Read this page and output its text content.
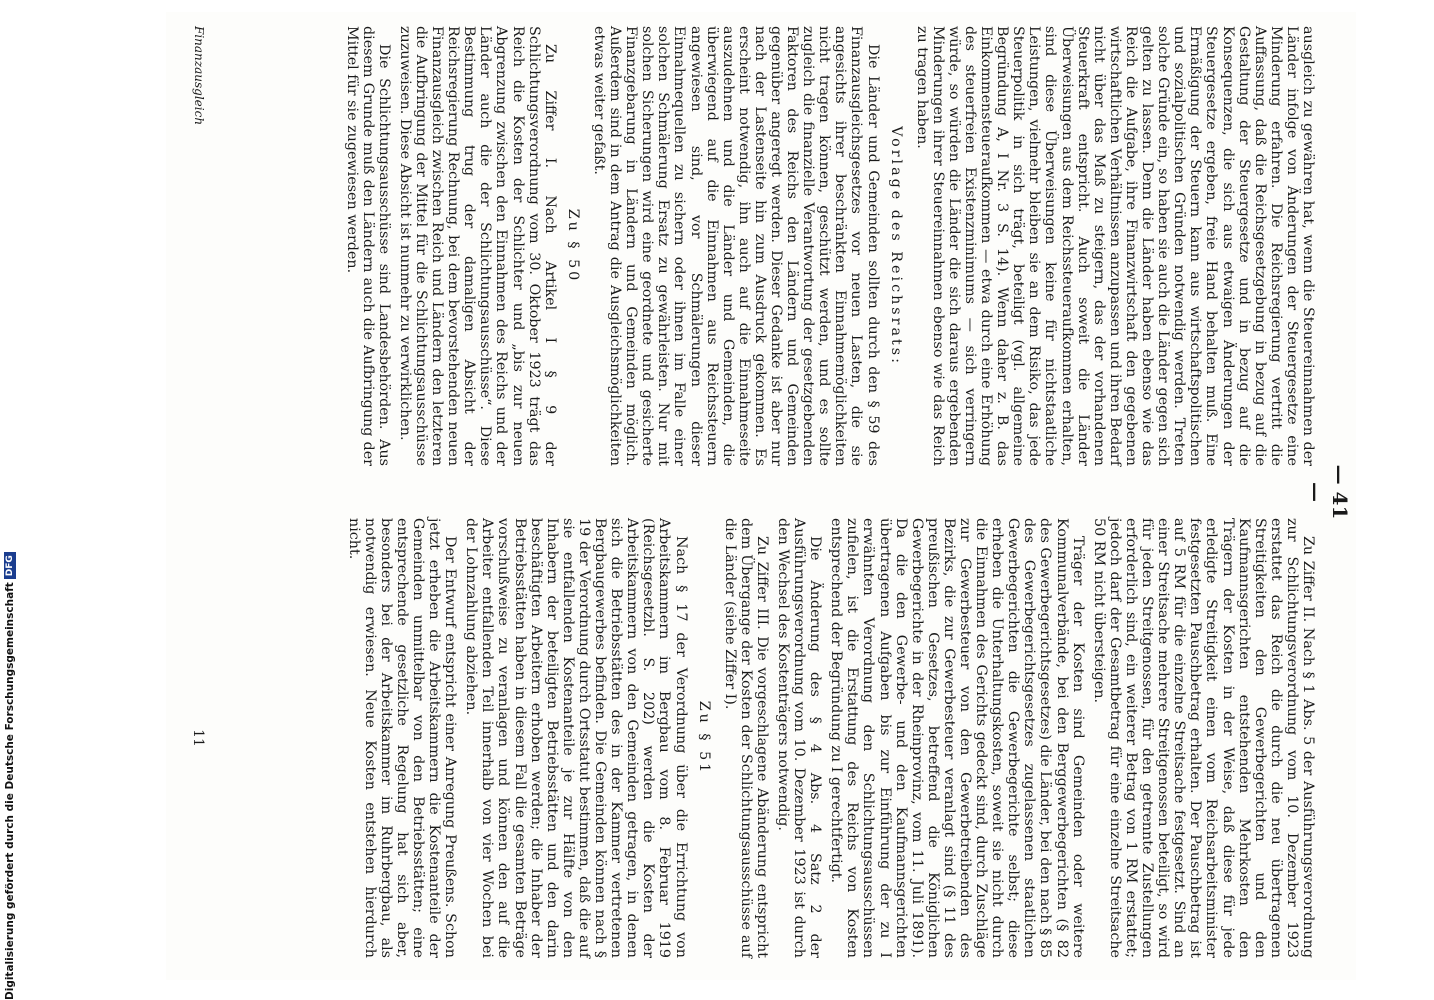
— 41 —

ausgleich zu gewähren hat, wenn die Steuereinnahmen der Länder infolge von Änderungen der Steuergesetze eine Minderung erfahren. Die Reichsregierung vertritt die Auffassung, daß die Reichsgesetzgebung in bezug auf die Gestaltung der Steuergesetze und in bezug auf die Konsequenzen, die sich aus etwaigen Änderungen der Steuergesetze ergeben, freie Hand behalten muß. Eine Ermäßigung der Steuern kann aus wirtschaftspolitischen und sozialpolitischen Gründen notwendig werden. Treten solche Gründe ein, so haben sie auch die Länder gegen sich gelten zu lassen. Denn die Länder haben ebenso wie das Reich die Aufgabe, ihre Finanzwirtschaft den gegebenen wirtschaftlichen Verhältnissen anzupassen und ihren Bedarf nicht über das Maß zu steigern, das der vorhandenen Steuerkraft entspricht. Auch soweit die Länder Überweisungen aus dem Reichssteueraufkommen erhalten, sind diese Überweisungen keine für nichtstaatliche Leistungen, vielmehr bleiben sie an dem Risiko, das jede Steuerpolitik in sich trägt, beteiligt (vgl. allgemeine Begründung A, I Nr. 3 S. 14). Wenn daher z. B. das Einkommensteueraufkommen — etwa durch eine Erhöhung des steuerfreien Existenzminimums — sich verringern würde, so würden die Länder die sich daraus ergebenden Minderungen ihrer Steuereinnahmen ebenso wie das Reich zu tragen haben.

Vorlage des Reichsrats:

Die Länder und Gemeinden sollten durch den § 59 des Finanzausgleichsgesetzes vor neuen Lasten, die sie angesichts ihrer beschränkten Einnahmemöglichkeiten nicht tragen können, geschützt werden, und es sollte zugleich die finanzielle Verantwortung der gesetzgebenden Faktoren des Reichs den Ländern und Gemeinden gegenüber angeregt werden. Dieser Gedanke ist aber nur nach der Lastenseite hin zum Ausdruck gekommen. Es erscheint notwendig, ihn auch auf die Einnahmeseite auszudehnen und die Länder und Gemeinden, die überwiegend auf die Einnahmen aus Reichssteuern angewiesen sind, vor Schmälerungen dieser Einnahmequellen zu sichern oder ihnen im Falle einer solchen Schmälerung Ersatz zu gewährleisten. Nur mit solchen Sicherungen wird eine geordnete und gesicherte Finanzgebarung in Ländern und Gemeinden möglich. Außerdem sind in dem Antrag die Ausgleichsmöglichkeiten etwas weiter gefaßt.

Zu § 50

Zu Ziffer I. Nach Artikel I § 9 der Schlichtungsverordnung vom 30. Oktober 1923 trägt das Reich die Kosten der Schlichter und „bis zur neuen Abgrenzung zwischen den Einnahmen des Reichs und der Länder auch die der Schlichtungsausschüsse“. Diese Bestimmung trug der damaligen Absicht der Reichsregierung Rechnung, bei dem bevorstehenden neuen Finanzausgleich zwischen Reich und Ländern den letzteren die Aufbringung der Mittel für die Schlichtungsausschüsse zuzuweisen. Diese Absicht ist nunmehr zu verwirklichen.

Die Schlichtungsausschüsse sind Landesbehörden. Aus diesem Grunde muß den Ländern auch die Aufbringung der Mittel für sie zugewiesen werden.

Zu Ziffer II. Nach § 1 Abs. 5 der Ausführungsverordnung zur Schlichtungsverordnung vom 10. Dezember 1923 erstattet das Reich die durch die neu übertragenen Streitigkeiten den Gewerbegerichten und den Kaufmannsgerichten entstehenden Mehrkosten den Trägern der Kosten in der Weise, daß diese für jede erledigte Streitigkeit einen vom Reichsarbeitsminister festgesetzten Pauschbetrag erhalten. Der Pauschbetrag ist auf 5 RM für die einzelne Streitsache festgesetzt. Sind an einer Streitsache mehrere Streitgenossen beteiligt, so wird für jeden Streitgenossen, für den getrennte Zustellungen erforderlich sind, ein weiterer Betrag von 1 RM erstattet; jedoch darf der Gesamtbetrag für eine einzelne Streitsache 50 RM nicht übersteigen.

Träger der Kosten sind Gemeinden oder weitere Kommunalverbände, bei den Berggewerbegerichten (§ 82 des Gewerbegerichtsgesetzes) die Länder, bei den nach § 85 des Gewerbegerichtsgesetzes zugelassenen staatlichen Gewerbegerichten die Gewerbegerichte selbst; diese erheben die Unterhaltungskosten, soweit sie nicht durch die Einnahmen des Gerichts gedeckt sind, durch Zuschläge zur Gewerbesteuer von den Gewerbetreibenden des Bezirks, die zur Gewerbesteuer veranlagt sind (§ 11 des preußischen Gesetzes, betreffend die Königlichen Gewerbegerichte in der Rheinprovinz, vom 11. Juli 1891). Da die den Gewerbe- und den Kaufmannsgerichten übertragenen Aufgaben bis zur Einführung der zu I erwähnten Verordnung den Schlichtungsausschüssen zufielen, ist die Erstattung des Reichs von Kosten entsprechend der Begründung zu I gerechtfertigt.

Die Änderung des § 4 Abs. 4 Satz 2 der Ausführungsverordnung vom 10. Dezember 1923 ist durch den Wechsel des Kostenträgers notwendig.

Zu Ziffer III. Die vorgeschlagene Abänderung entspricht dem Übergange der Kosten der Schlichtungsausschüsse auf die Länder (siehe Ziffer I).

Zu § 51

Nach § 17 der Verordnung über die Errichtung von Arbeitskammern im Bergbau vom 8. Februar 1919 (Reichsgesetzbl. S. 202) werden die Kosten der Arbeitskammern von den Gemeinden getragen, in denen sich die Betriebsstätten des in der Kammer vertretenen Bergbaugewerbes befinden. Die Gemeinden können nach § 19 der Verordnung durch Ortsstatut bestimmen, daß die auf sie entfallenden Kostenanteile je zur Hälfte von den Inhabern der beteiligten Betriebsstätten und den darin beschäftigten Arbeitern erhoben werden; die Inhaber der Betriebsstätten haben in diesem Fall die gesamten Beträge vorschußweise zu veranlagen und können den auf die Arbeiter entfallenden Teil innerhalb von vier Wochen bei der Lohnzahlung abziehen.

Der Entwurf entspricht einer Anregung Preußens. Schon jetzt erheben die Arbeitskammern die Kostenanteile der Gemeinden unmittelbar von den Betriebsstätten; eine entsprechende gesetzliche Regelung hat sich aber, besonders bei der Arbeitskammer im Ruhrbergbau, als notwendig erwiesen. Neue Kosten entstehen hierdurch nicht.

Finanzausgleich
11
Digitalisierung gefördert durch die Deutsche Forschungsgemeinschaft
DFG
